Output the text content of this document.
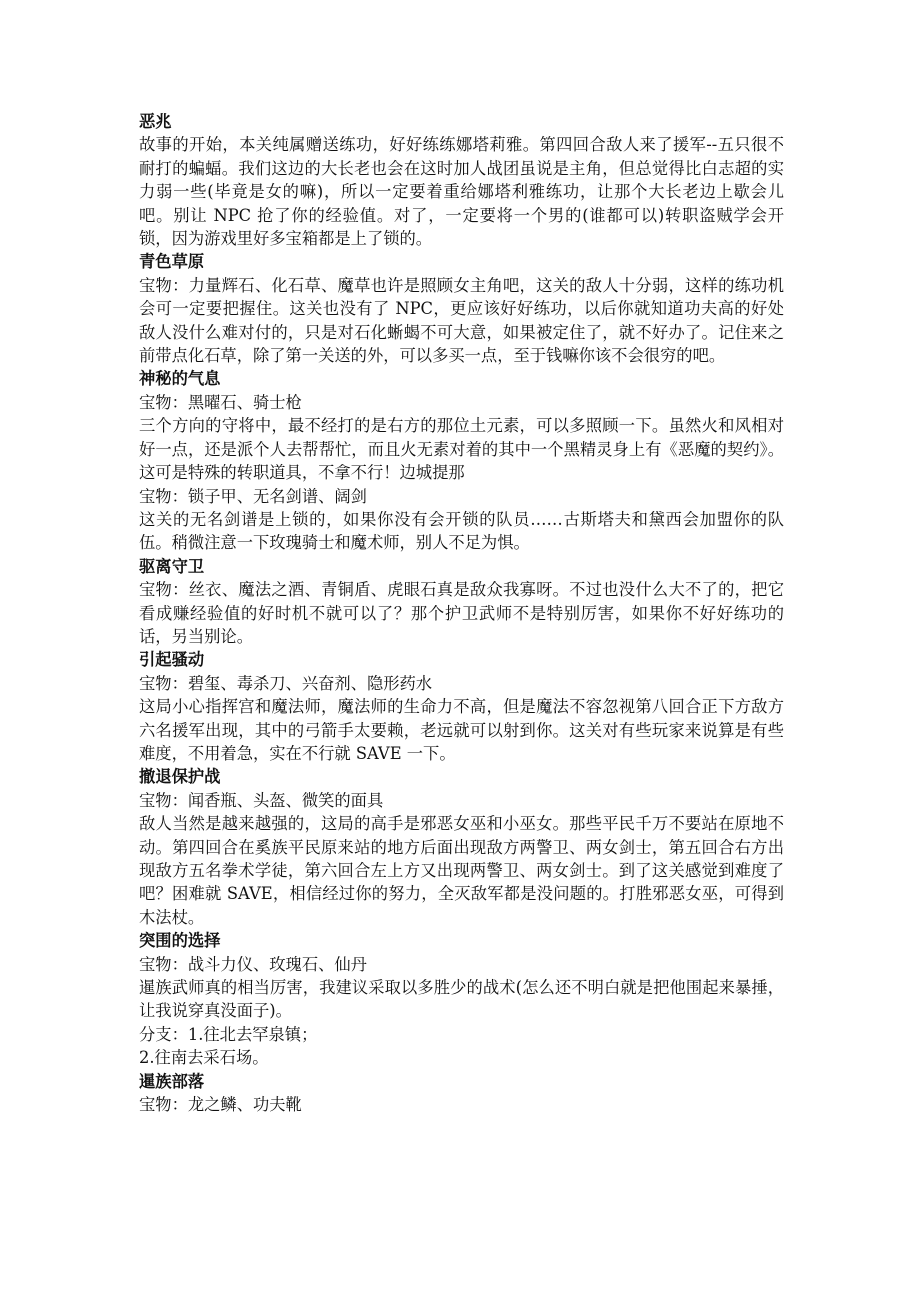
恶兆

故事的开始，本关纯属赠送练功，好好练练娜塔莉雅。第四回合敌人来了援军--五只很不耐打的蝙蝠。我们这边的大长老也会在这时加人战团虽说是主角，但总觉得比白志超的实力弱一些(毕竟是女的嘛)，所以一定要着重给娜塔利雅练功，让那个大长老边上歇会儿吧。别让 NPC 抢了你的经验值。对了，一定要将一个男的(谁都可以)转职盗贼学会开锁，因为游戏里好多宝箱都是上了锁的。

青色草原

宝物：力量辉石、化石草、魔草也许是照顾女主角吧，这关的敌人十分弱，这样的练功机会可一定要把握住。这关也没有了 NPC，更应该好好练功，以后你就知道功夫高的好处敌人没什么难对付的，只是对石化蜥蝎不可大意，如果被定住了，就不好办了。记住来之前带点化石草，除了第一关送的外，可以多买一点，至于钱嘛你该不会很穷的吧。

神秘的气息

宝物：黑曜石、骑士枪

三个方向的守将中，最不经打的是右方的那位土元素，可以多照顾一下。虽然火和风相对好一点，还是派个人去帮帮忙，而且火无素对着的其中一个黑精灵身上有《恶魔的契约》。这可是特殊的转职道具，不拿不行！边城提那

宝物：锁子甲、无名剑谱、阔剑

这关的无名剑谱是上锁的，如果你没有会开锁的队员……古斯塔夫和黛西会加盟你的队伍。稍微注意一下玫瑰骑士和魔术师，别人不足为惧。

驱离守卫

宝物：丝衣、魔法之酒、青铜盾、虎眼石真是敌众我寡呀。不过也没什么大不了的，把它看成赚经验值的好时机不就可以了？那个护卫武师不是特别厉害，如果你不好好练功的话，另当别论。

引起骚动

宝物：碧玺、毒杀刀、兴奋剂、隐形药水

这局小心指挥宫和魔法师，魔法师的生命力不高，但是魔法不容忽视第八回合正下方敌方六名援军出现，其中的弓箭手太要赖，老远就可以射到你。这关对有些玩家来说算是有些难度，不用着急，实在不行就 SAVE 一下。

撤退保护战

宝物：闻香瓶、头盔、微笑的面具

敌人当然是越来越强的，这局的高手是邪恶女巫和小巫女。那些平民千万不要站在原地不动。第四回合在奚族平民原来站的地方后面出现敌方两警卫、两女剑士，第五回合右方出现敌方五名拳术学徒，第六回合左上方又出现两警卫、两女剑士。到了这关感觉到难度了吧？困难就 SAVE，相信经过你的努力，全灭敌军都是没问题的。打胜邪恶女巫，可得到木法杖。

突围的选择

宝物：战斗力仪、玫瑰石、仙丹

暹族武师真的相当厉害，我建议采取以多胜少的战术(怎么还不明白就是把他围起来暴捶，让我说穿真没面子)。

分支：1.往北去罕泉镇；

2.往南去采石场。

暹族部落

宝物：龙之鳞、功夫靴
